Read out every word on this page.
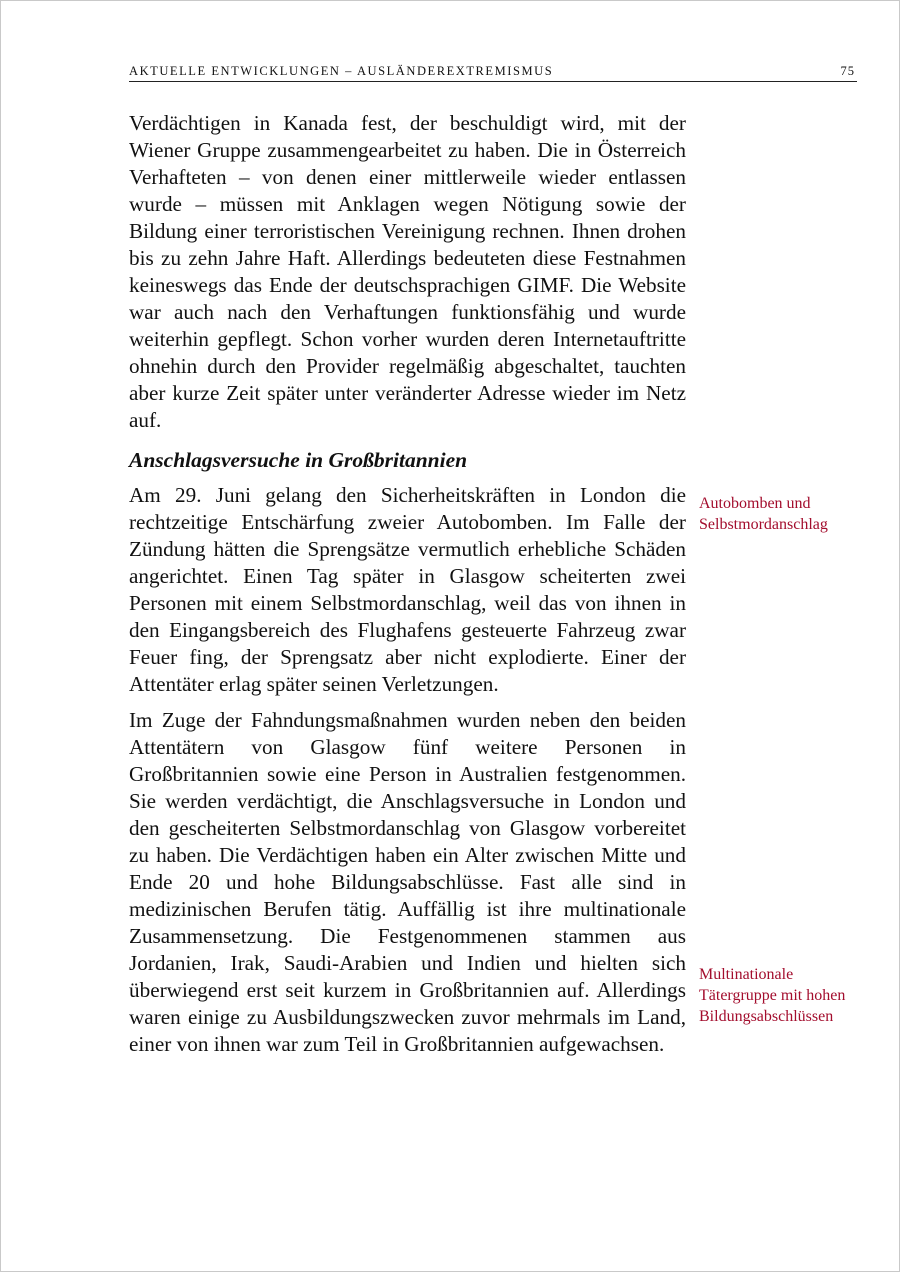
AKTUELLE ENTWICKLUNGEN – AUSLÄNDEREXTREMISMUS	75

Verdächtigen in Kanada fest, der beschuldigt wird, mit der Wiener Gruppe zusammengearbeitet zu haben. Die in Österreich Verhafteten – von denen einer mittlerweile wieder entlassen wurde – müssen mit Anklagen wegen Nötigung sowie der Bildung einer terroristischen Vereinigung rechnen. Ihnen drohen bis zu zehn Jahre Haft. Allerdings bedeuteten diese Festnahmen keineswegs das Ende der deutschsprachigen GIMF. Die Website war auch nach den Verhaftungen funktionsfähig und wurde weiterhin gepflegt. Schon vorher wurden deren Internetauftritte ohnehin durch den Provider regelmäßig abgeschaltet, tauchten aber kurze Zeit später unter veränderter Adresse wieder im Netz auf.

Anschlagsversuche in Großbritannien

Am 29. Juni gelang den Sicherheitskräften in London die rechtzeitige Entschärfung zweier Autobomben. Im Falle der Zündung hätten die Sprengsätze vermutlich erhebliche Schäden angerichtet. Einen Tag später in Glasgow scheiterten zwei Personen mit einem Selbstmordanschlag, weil das von ihnen in den Eingangsbereich des Flughafens gesteuerte Fahrzeug zwar Feuer fing, der Sprengsatz aber nicht explodierte. Einer der Attentäter erlag später seinen Verletzungen.

Im Zuge der Fahndungsmaßnahmen wurden neben den beiden Attentätern von Glasgow fünf weitere Personen in Großbritannien sowie eine Person in Australien festgenommen. Sie werden verdächtigt, die Anschlagsversuche in London und den gescheiterten Selbstmordanschlag von Glasgow vorbereitet zu haben. Die Verdächtigen haben ein Alter zwischen Mitte und Ende 20 und hohe Bildungsabschlüsse. Fast alle sind in medizinischen Berufen tätig. Auffällig ist ihre multinationale Zusammensetzung. Die Festgenommenen stammen aus Jordanien, Irak, Saudi-Arabien und Indien und hielten sich überwiegend erst seit kurzem in Großbritannien auf. Allerdings waren einige zu Ausbildungszwecken zuvor mehrmals im Land, einer von ihnen war zum Teil in Großbritannien aufgewachsen.

Autobomben und Selbstmordanschlag
Multinationale Tätergruppe mit hohen Bildungsabschlüssen
